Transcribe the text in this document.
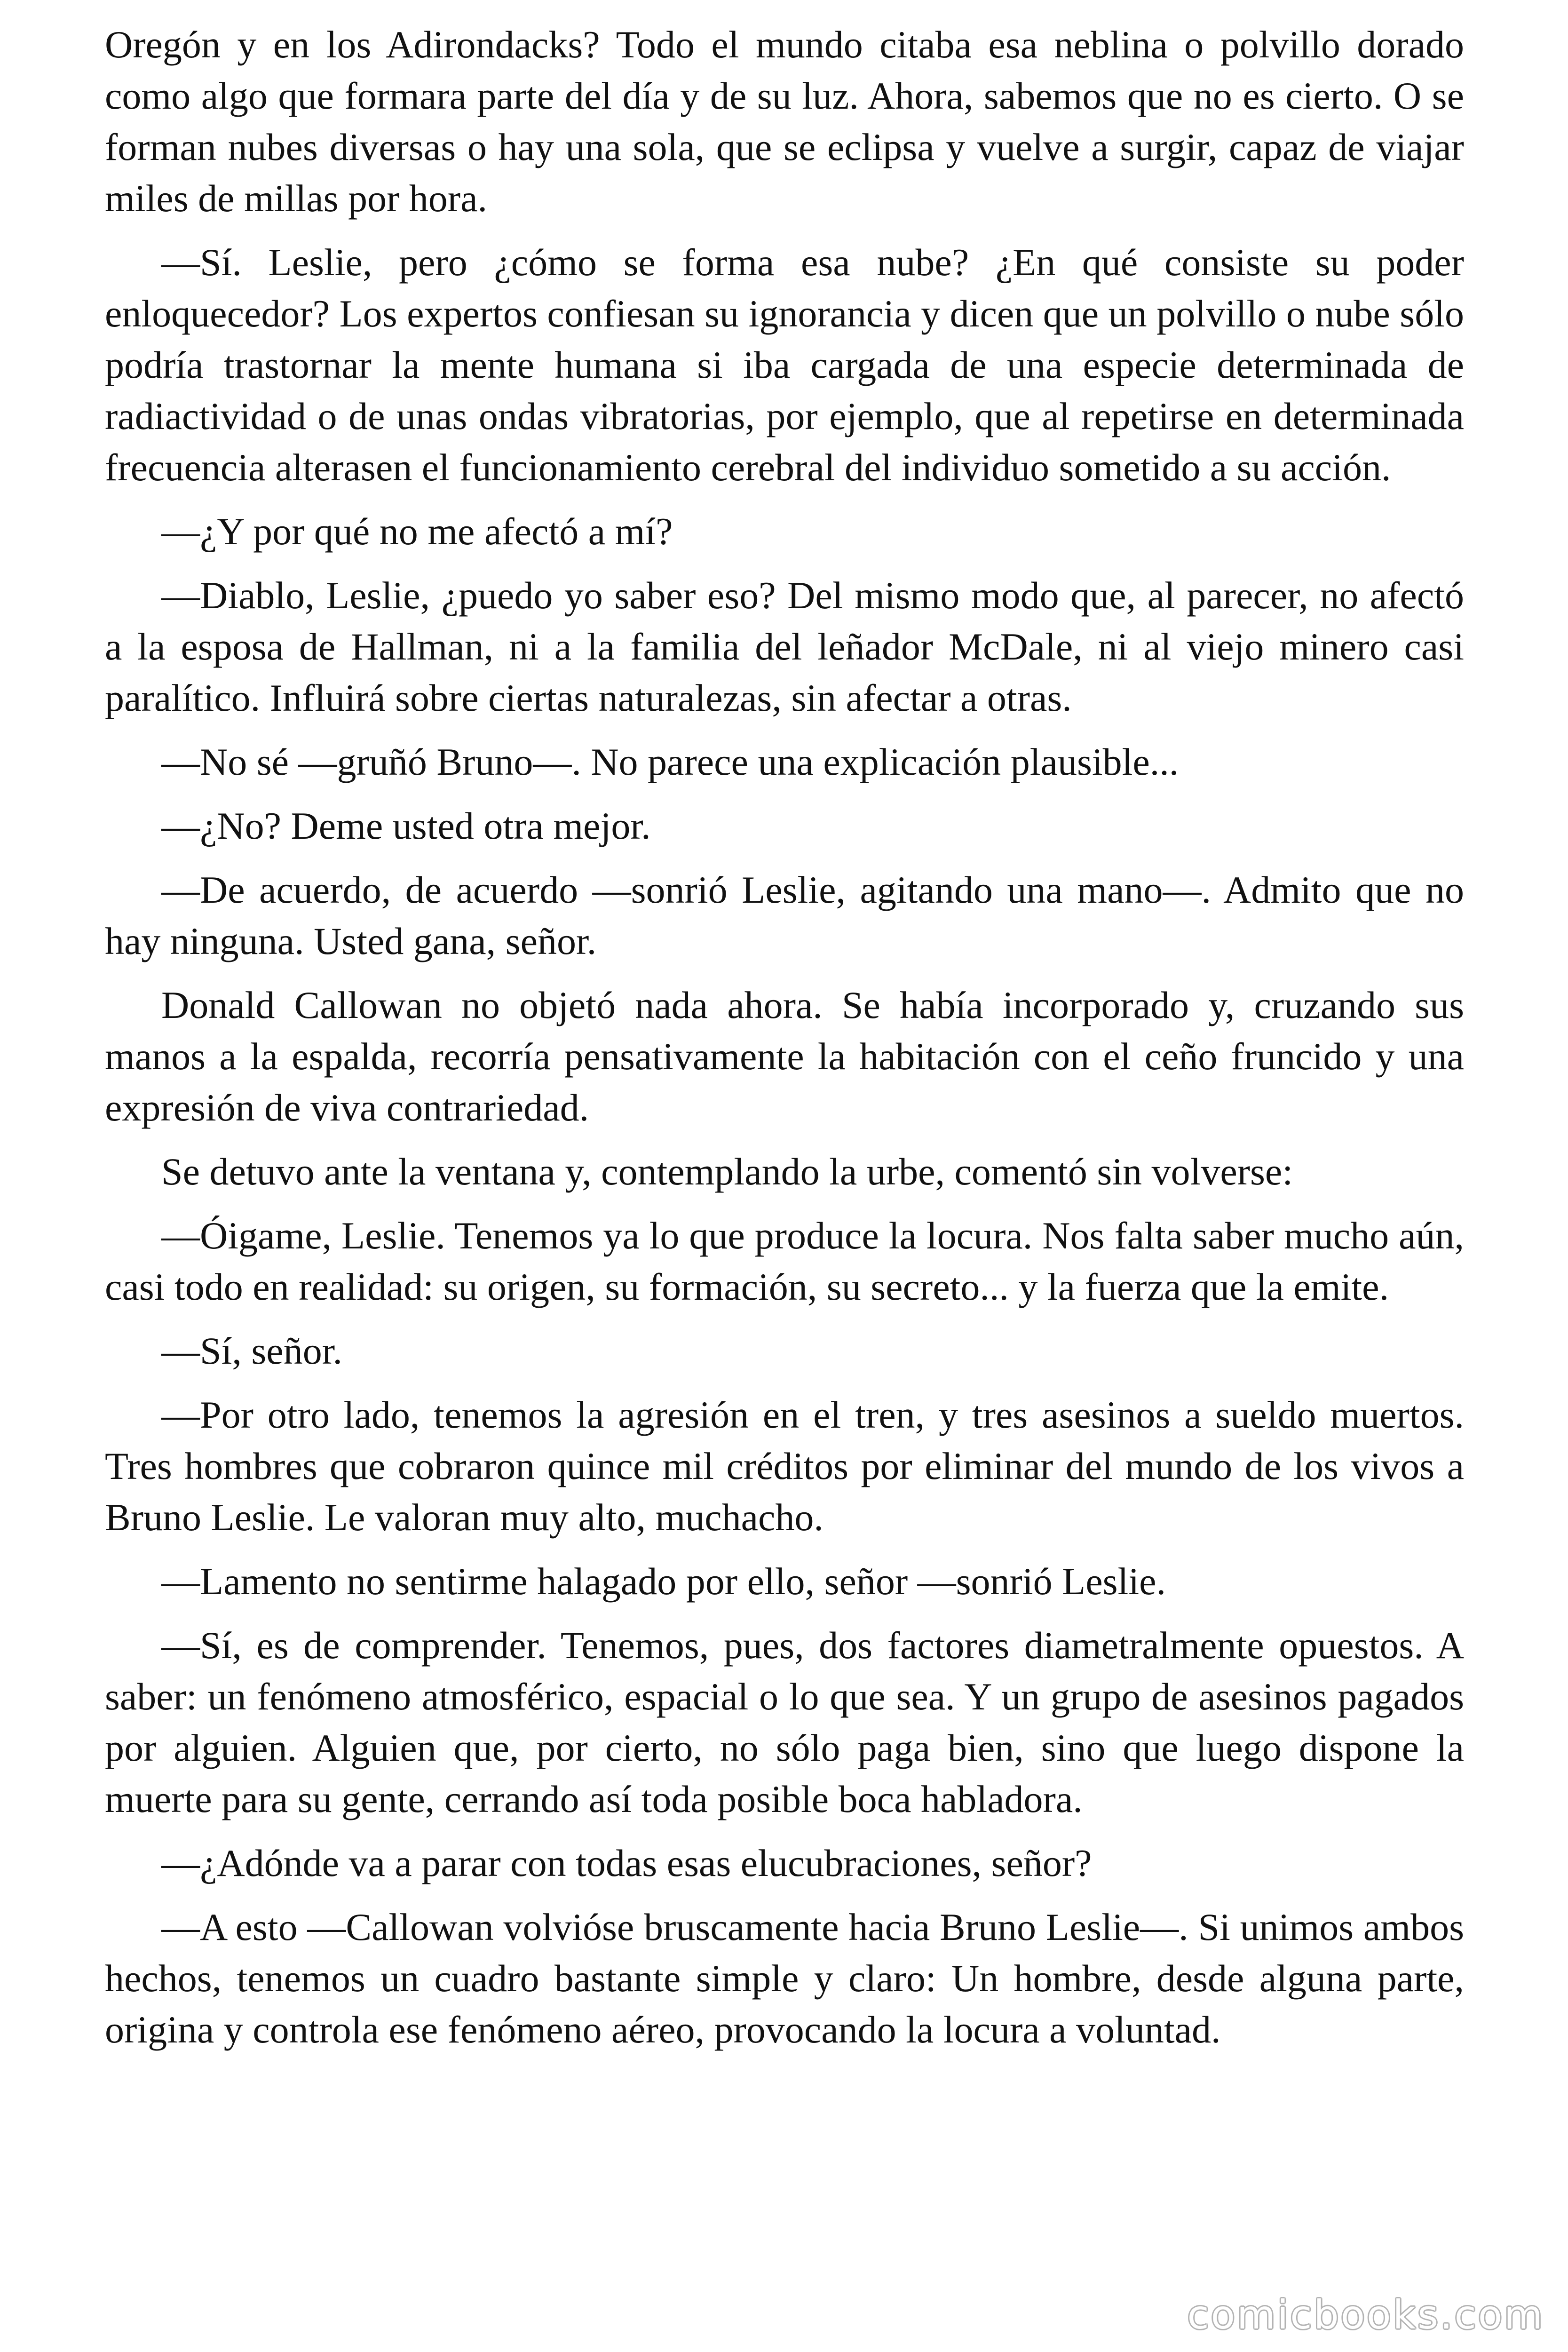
Oregón y en los Adirondacks? Todo el mundo citaba esa neblina o polvillo dorado como algo que formara parte del día y de su luz. Ahora, sabemos que no es cierto. O se forman nubes diversas o hay una sola, que se eclipsa y vuelve a surgir, capaz de viajar miles de millas por hora.

—Sí. Leslie, pero ¿cómo se forma esa nube? ¿En qué consiste su poder enloquecedor? Los expertos confiesan su ignorancia y dicen que un polvillo o nube sólo podría trastornar la mente humana si iba cargada de una especie determinada de radiactividad o de unas ondas vibratorias, por ejemplo, que al repetirse en determinada frecuencia alterasen el funcionamiento cerebral del individuo sometido a su acción.

—¿Y por qué no me afectó a mí?

—Diablo, Leslie, ¿puedo yo saber eso? Del mismo modo que, al parecer, no afectó a la esposa de Hallman, ni a la familia del leñador McDale, ni al viejo minero casi paralítico. Influirá sobre ciertas naturalezas, sin afectar a otras.

—No sé —gruñó Bruno—. No parece una explicación plausible...

—¿No? Deme usted otra mejor.

—De acuerdo, de acuerdo —sonrió Leslie, agitando una mano—. Admito que no hay ninguna. Usted gana, señor.

Donald Callowan no objetó nada ahora. Se había incorporado y, cruzando sus manos a la espalda, recorría pensativamente la habitación con el ceño fruncido y una expresión de viva contrariedad.

Se detuvo ante la ventana y, contemplando la urbe, comentó sin volverse:

—Óigame, Leslie. Tenemos ya lo que produce la locura. Nos falta saber mucho aún, casi todo en realidad: su origen, su formación, su secreto... y la fuerza que la emite.

—Sí, señor.

—Por otro lado, tenemos la agresión en el tren, y tres asesinos a sueldo muertos. Tres hombres que cobraron quince mil créditos por eliminar del mundo de los vivos a Bruno Leslie. Le valoran muy alto, muchacho.

—Lamento no sentirme halagado por ello, señor —sonrió Leslie.

—Sí, es de comprender. Tenemos, pues, dos factores diametralmente opuestos. A saber: un fenómeno atmosférico, espacial o lo que sea. Y un grupo de asesinos pagados por alguien. Alguien que, por cierto, no sólo paga bien, sino que luego dispone la muerte para su gente, cerrando así toda posible boca habladora.

—¿Adónde va a parar con todas esas elucubraciones, señor?

—A esto —Callowan volvióse bruscamente hacia Bruno Leslie—. Si unimos ambos hechos, tenemos un cuadro bastante simple y claro: Un hombre, desde alguna parte, origina y controla ese fenómeno aéreo, provocando la locura a voluntad.

comicbooks.com
